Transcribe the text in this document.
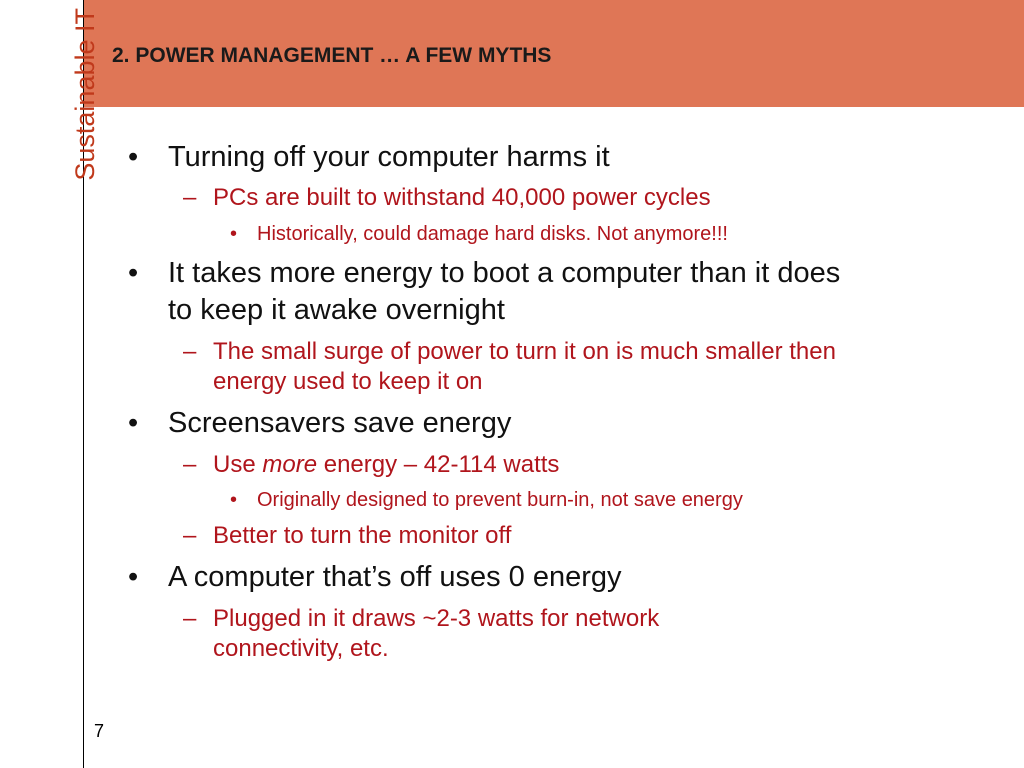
Sustainable IT 2. POWER MANAGEMENT … A FEW MYTHS
• Turning off your computer harms it
– PCs are built to withstand 40,000 power cycles
• Historically, could damage hard disks. Not anymore!!!
• It takes more energy to boot a computer than it does
to keep it awake overnight
– The small surge of power to turn it on is much smaller then
energy used to keep it on
• Screensavers save energy
– Use more energy – 42-114 watts
• Originally designed to prevent burn-in, not save energy
– Better to turn the monitor off
• A computer that’s off uses 0 energy
– Plugged in it draws ~2-3 watts for network
connectivity, etc.
7
